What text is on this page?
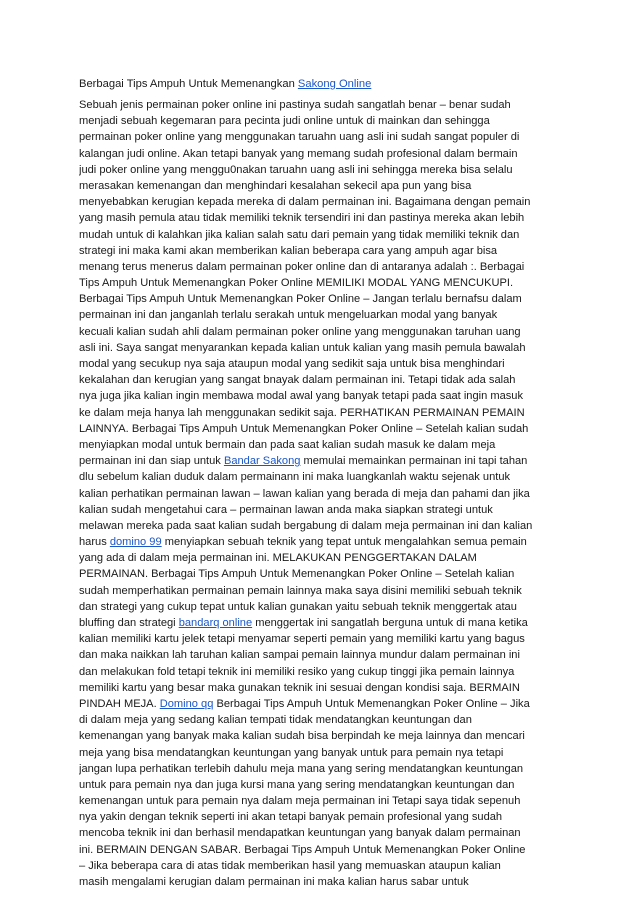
Berbagai Tips Ampuh Untuk Memenangkan Sakong Online
Sebuah jenis permainan poker online ini pastinya sudah sangatlah benar – benar sudah
menjadi sebuah kegemaran para pecinta judi online untuk di mainkan dan sehingga
permainan poker online yang menggunakan taruahn uang asli ini sudah sangat populer di
kalangan judi online. Akan tetapi banyak yang memang sudah profesional dalam bermain
judi poker online yang menggu0nakan taruahn uang asli ini sehingga mereka bisa selalu
merasakan kemenangan dan menghindari kesalahan sekecil apa pun yang bisa
menyebabkan kerugian kepada mereka di dalam permainan ini. Bagaimana dengan pemain
yang masih pemula atau tidak memiliki teknik tersendiri ini dan pastinya mereka akan lebih
mudah untuk di kalahkan jika kalian salah satu dari pemain yang tidak memiliki teknik dan
strategi ini maka kami akan memberikan kalian beberapa cara yang ampuh agar bisa
menang terus menerus dalam permainan poker online dan di antaranya adalah :. Berbagai
Tips Ampuh Untuk Memenangkan Poker Online MEMILIKI MODAL YANG MENCUKUPI.
Berbagai Tips Ampuh Untuk Memenangkan Poker Online – Jangan terlalu bernafsu dalam
permainan ini dan janganlah terlalu serakah untuk mengeluarkan modal yang banyak
kecuali kalian sudah ahli dalam permainan poker online yang menggunakan taruhan uang
asli ini. Saya sangat menyarankan kepada kalian untuk kalian yang masih pemula bawalah
modal yang secukup nya saja ataupun modal yang sedikit saja untuk bisa menghindari
kekalahan dan kerugian yang sangat bnayak dalam permainan ini. Tetapi tidak ada salah
nya juga jika kalian ingin membawa modal awal yang banyak tetapi pada saat ingin masuk
ke dalam meja hanya lah menggunakan sedikit saja. PERHATIKAN PERMAINAN PEMAIN
LAINNYA. Berbagai Tips Ampuh Untuk Memenangkan Poker Online – Setelah kalian sudah
menyiapkan modal untuk bermain dan pada saat kalian sudah masuk ke dalam meja
permainan ini dan siap untuk Bandar Sakong memulai memainkan permainan ini tapi tahan
dlu sebelum kalian duduk dalam permainann ini maka luangkanlah waktu sejenak untuk
kalian perhatikan permainan lawan – lawan kalian yang berada di meja dan pahami dan jika
kalian sudah mengetahui cara – permainan lawan anda maka siapkan strategi untuk
melawan mereka pada saat kalian sudah bergabung di dalam meja permainan ini dan kalian
harus domino 99 menyiapkan sebuah teknik yang tepat untuk mengalahkan semua pemain
yang ada di dalam meja permainan ini. MELAKUKAN PENGGERTAKAN DALAM
PERMAINAN. Berbagai Tips Ampuh Untuk Memenangkan Poker Online – Setelah kalian
sudah memperhatikan permainan pemain lainnya maka saya disini memiliki sebuah teknik
dan strategi yang cukup tepat untuk kalian gunakan yaitu sebuah teknik menggertak atau
bluffing dan strategi bandarq online menggertak ini sangatlah berguna untuk di mana ketika
kalian memiliki kartu jelek tetapi menyamar seperti pemain yang memiliki kartu yang bagus
dan maka naikkan lah taruhan kalian sampai pemain lainnya mundur dalam permainan ini
dan melakukan fold tetapi teknik ini memiliki resiko yang cukup tinggi jika pemain lainnya
memiliki kartu yang besar maka gunakan teknik ini sesuai dengan kondisi saja. BERMAIN
PINDAH MEJA. Domino qq Berbagai Tips Ampuh Untuk Memenangkan Poker Online – Jika
di dalam meja yang sedang kalian tempati tidak mendatangkan keuntungan dan
kemenangan yang banyak maka kalian sudah bisa berpindah ke meja lainnya dan mencari
meja yang bisa mendatangkan keuntungan yang banyak untuk para pemain nya tetapi
jangan lupa perhatikan terlebih dahulu meja mana yang sering mendatangkan keuntungan
untuk para pemain nya dan juga kursi mana yang sering mendatangkan keuntungan dan
kemenangan untuk para pemain nya dalam meja permainan ini Tetapi saya tidak sepenuh
nya yakin dengan teknik seperti ini akan tetapi banyak pemain profesional yang sudah
mencoba teknik ini dan berhasil mendapatkan keuntungan yang banyak dalam permainan
ini. BERMAIN DENGAN SABAR. Berbagai Tips Ampuh Untuk Memenangkan Poker Online
– Jika beberapa cara di atas tidak memberikan hasil yang memuaskan ataupun kalian
masih mengalami kerugian dalam permainan ini maka kalian harus sabar untuk
